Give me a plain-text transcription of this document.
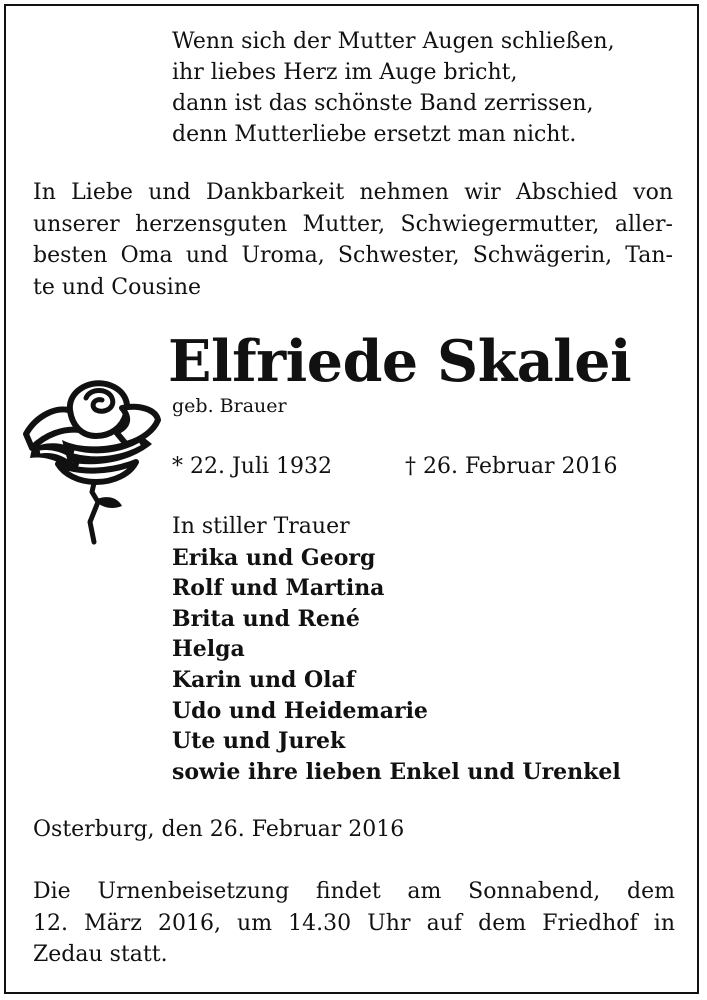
Wenn sich der Mutter Augen schließen,
ihr liebes Herz im Auge bricht,
dann ist das schönste Band zerrissen,
denn Mutterliebe ersetzt man nicht.
In Liebe und Dankbarkeit nehmen wir Abschied von
unserer herzensguten Mutter, Schwiegermutter, aller-
besten Oma und Uroma, Schwester, Schwägerin, Tan-
te und Cousine
Elfriede Skalei
geb. Brauer
* 22. Juli 1932	† 26. Februar 2016
In stiller Trauer
Erika und Georg
Rolf und Martina
Brita und René
Helga
Karin und Olaf
Udo und Heidemarie
Ute und Jurek
sowie ihre lieben Enkel und Urenkel
Osterburg, den 26. Februar 2016
Die Urnenbeisetzung findet am Sonnabend, dem
12. März 2016, um 14.30 Uhr auf dem Friedhof in
Zedau statt.
